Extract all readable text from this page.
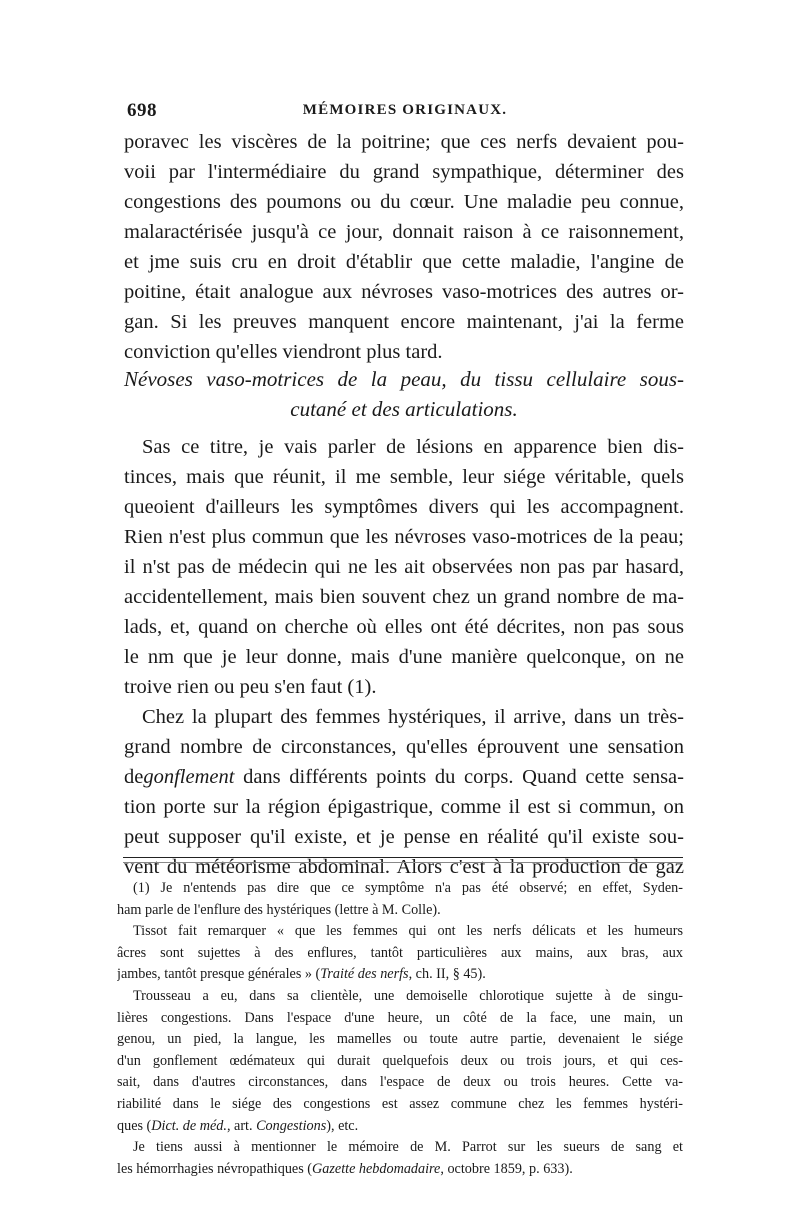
698	MÉMOIRES ORIGINAUX.
poravec les viscères de la poitrine; que ces nerfs devaient pou-
voii par l'intermédiaire du grand sympathique, déterminer des
congestions des poumons ou du cœur. Une maladie peu connue,
malaractérisée jusqu'à ce jour, donnait raison à ce raisonnement,
et jme suis cru en droit d'établir que cette maladie, l'angine de
poitine, était analogue aux névroses vaso-motrices des autres or-
gan. Si les preuves manquent encore maintenant, j'ai la ferme
conviction qu'elles viendront plus tard.
Névoses vaso-motrices de la peau, du tissu cellulaire sous-
cutané et des articulations.
Sas ce titre, je vais parler de lésions en apparence bien dis-
tinces, mais que réunit, il me semble, leur siége véritable, quels
queoient d'ailleurs les symptômes divers qui les accompagnent.
Rien n'est plus commun que les névroses vaso-motrices de la peau;
il n'st pas de médecin qui ne les ait observées non pas par hasard,
accidentellement, mais bien souvent chez un grand nombre de ma-
lads, et, quand on cherche où elles ont été décrites, non pas sous
le nm que je leur donne, mais d'une manière quelconque, on ne
troive rien ou peu s'en faut (1).
Chez la plupart des femmes hystériques, il arrive, dans un très-
grand nombre de circonstances, qu'elles éprouvent une sensation
degonflement dans différents points du corps. Quand cette sensa-
tion porte sur la région épigastrique, comme il est si commun, on
peut supposer qu'il existe, et je pense en réalité qu'il existe sou-
vent du météorisme abdominal. Alors c'est à la production de gaz
(1) Je n'entends pas dire que ce symptôme n'a pas été observé; en effet, Syden-
ham parle de l'enflure des hystériques (lettre à M. Colle).
Tissot fait remarquer « que les femmes qui ont les nerfs délicats et les humeurs
âcres sont sujettes à des enflures, tantôt particulières aux mains, aux bras, aux
jambes, tantôt presque générales » (Traité des nerfs, ch. II, § 45).
Trousseau a eu, dans sa clientèle, une demoiselle chlorotique sujette à de singu-
lières congestions. Dans l'espace d'une heure, un côté de la face, une main, un
genou, un pied, la langue, les mamelles ou toute autre partie, devenaient le siége
d'un gonflement œdémateux qui durait quelquefois deux ou trois jours, et qui ces-
sait, dans d'autres circonstances, dans l'espace de deux ou trois heures. Cette va-
riabilité dans le siége des congestions est assez commune chez les femmes hystéri-
ques (Dict. de méd., art. Congestions), etc.
Je tiens aussi à mentionner le mémoire de M. Parrot sur les sueurs de sang et
les hémorrhagies névropathiques (Gazette hebdomadaire, octobre 1859, p. 633).
